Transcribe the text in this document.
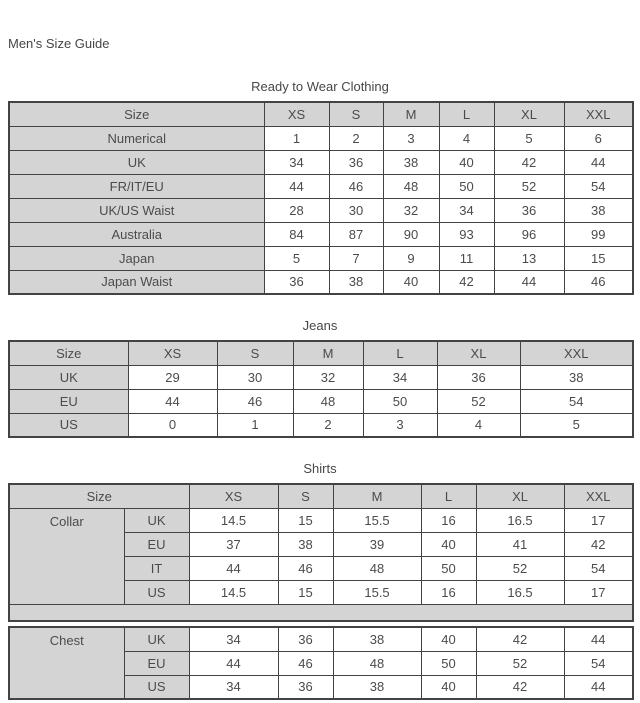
Men's Size Guide
Ready to Wear Clothing
Size	XS	S	M	L	XL	XXL
Numerical	1	2	3	4	5	6
UK	34	36	38	40	42	44
FR/IT/EU	44	46	48	50	52	54
UK/US Waist	28	30	32	34	36	38
Australia	84	87	90	93	96	99
Japan	5	7	9	11	13	15
Japan Waist	36	38	40	42	44	46
Jeans
Size	XS	S	M	L	XL	XXL
UK	29	30	32	34	36	38
EU	44	46	48	50	52	54
US	0	1	2	3	4	5
Shirts
Size		XS	S	M	L	XL	XXL
Collar	UK	14.5	15	15.5	16	16.5	17
	EU	37	38	39	40	41	42
	IT	44	46	48	50	52	54
	US	14.5	15	15.5	16	16.5	17

Chest	UK	34	36	38	40	42	44
	EU	44	46	48	50	52	54
	US	34	36	38	40	42	44
